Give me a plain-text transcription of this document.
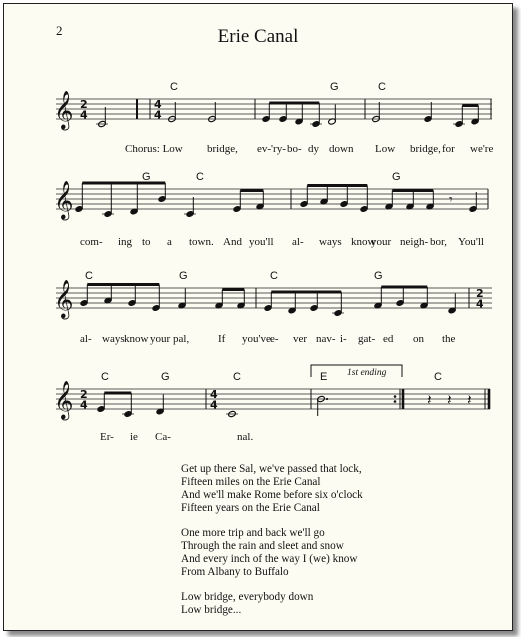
𝄞 2
4
4
4
𝄞	𝄾
𝄞	2
4
𝄞 2
4
4
4	𝄽 𝄽 𝄽
1st ending
C	G	C
Chorus: Low bridge, ev-'ry- bo- dy down Low bridge, for we're
G	C	G
com- ing to a town. And you'll al- ways know
your neigh- bor, You'll
C	G	C	G
al- ways know your pal,	If you've e- ver nav- i- gat- ed on the
C	G	C	E	C
Er- ie Ca-	nal.
2	Erie Canal
Get up there Sal, we've passed that lock,
Fifteen miles on the Erie Canal
And we'll make Rome before six o'clock
Fifteen years on the Erie Canal
One more trip and back we'll go
Through the rain and sleet and snow
And every inch of the way I (we) know
From Albany to Buffalo
Low bridge, everybody down
Low bridge...
